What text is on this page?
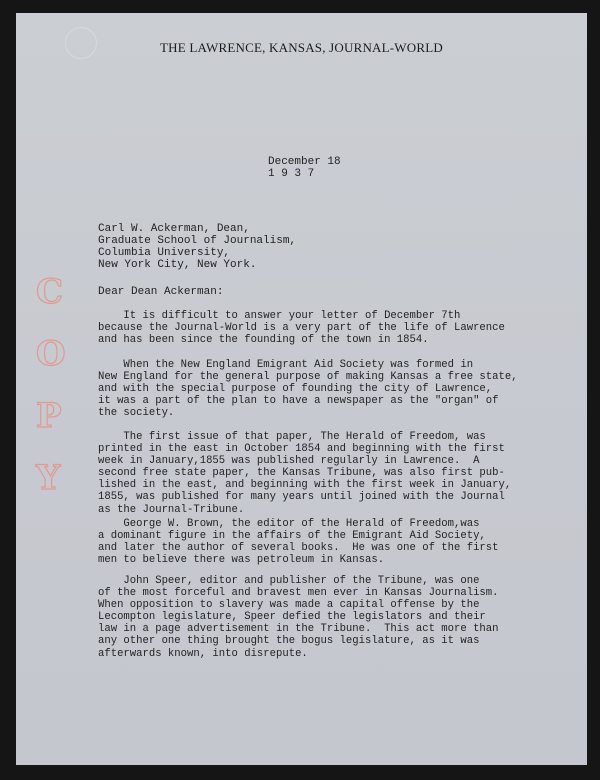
THE LAWRENCE, KANSAS, JOURNAL-WORLD
December 18
1 9 3 7
Carl W. Ackerman, Dean,
Graduate School of Journalism,
Columbia University,
New York City, New York.
Dear Dean Ackerman:
C
O
P
Y
It is difficult to answer your letter of December 7th
because the Journal-World is a very part of the life of Lawrence
and has been since the founding of the town in 1854.
When the New England Emigrant Aid Society was formed in
New England for the general purpose of making Kansas a free state,
and with the special purpose of founding the city of Lawrence,
it was a part of the plan to have a newspaper as the "organ" of
the society.
The first issue of that paper, The Herald of Freedom, was
printed in the east in October 1854 and beginning with the first
week in January,1855 was published regularly in Lawrence.  A
second free state paper, the Kansas Tribune, was also first pub-
lished in the east, and beginning with the first week in January,
1855, was published for many years until joined with the Journal
as the Journal-Tribune.
George W. Brown, the editor of the Herald of Freedom,was
a dominant figure in the affairs of the Emigrant Aid Society,
and later the author of several books.  He was one of the first
men to believe there was petroleum in Kansas.
John Speer, editor and publisher of the Tribune, was one
of the most forceful and bravest men ever in Kansas Journalism.
When opposition to slavery was made a capital offense by the
Lecompton legislature, Speer defied the legislators and their
law in a page advertisement in the Tribune.  This act more than
any other one thing brought the bogus legislature, as it was
afterwards known, into disrepute.
